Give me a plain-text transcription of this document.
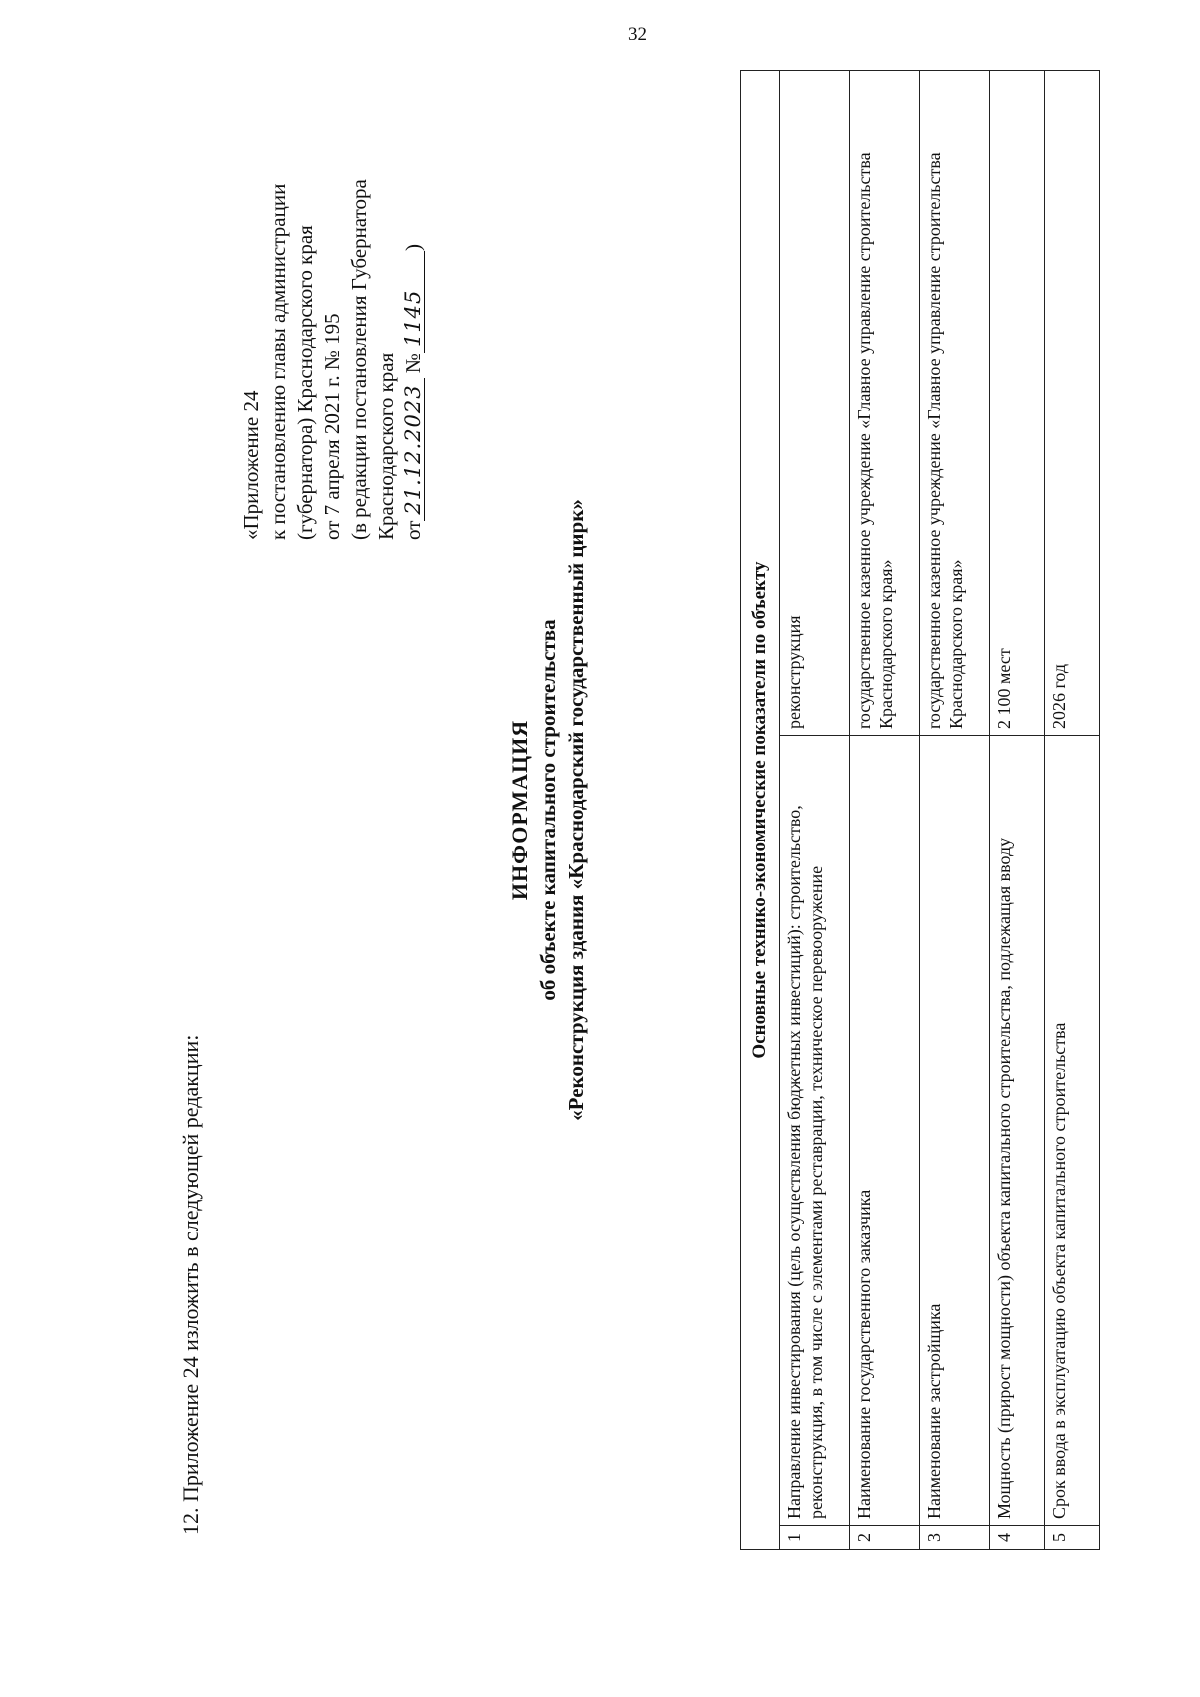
32
12. Приложение 24 изложить в следующей редакции:
«Приложение 24 к постановлению главы администрации (губернатора) Краснодарского края от 7 апреля 2021 г. № 195 (в редакции постановления Губернатора Краснодарского края от21.12.2023 №1145)
ИНФОРМАЦИЯ об объекте капитального строительства «Реконструкция здания «Краснодарский государственный цирк»	Основные технико-экономические показатели по объекту		
1	Направление инвестирования (цель осуществления бюджетных инвестиций): строительство, реконструкция, в том числе с элементами реставрации, техническое перевооружение	реконструкция
2	Наименование государственного заказчика	государственное казенное учреждение «Главное управление строительства Краснодарского края»
3	Наименование застройщика	государственное казенное учреждение «Главное управление строительства Краснодарского края»
4	Мощность (прирост мощности) объекта капитального строительства, подлежащая вводу	2 100 мест
5	Срок ввода в эксплуатацию объекта капитального строительства	2026 год
